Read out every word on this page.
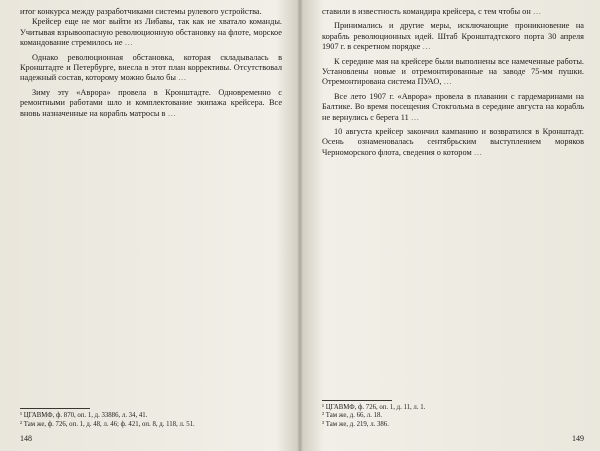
итог конкурса между разработчиками системы рулевого устройства.

Крейсер еще не мог выйти из Либавы, так как не хватало команды. Учитывая взрывоопасную революционную обстановку на флоте, морское командование стремилось не …

Однако революционная обстановка, которая складывалась в Кронштадте и Петербурге, внесла в этот план коррективы. Отсутствовал надежный состав, которому можно было бы …

Зиму эту «Аврора» провела в Кронштадте. Одновременно с ремонтными работами шло и комплектование экипажа крейсера. Все вновь назначенные на корабль матросы в …

¹ ЦГАВМФ, ф. 870, оп. 1, д. 33886, л. 34, 41.
² Там же, ф. 726, оп. 1, д. 48, л. 46; ф. 421, оп. 8, д. 118, л. 51.
148

ставили в известность командира крейсера, с тем чтобы он …

Принимались и другие меры, исключающие проникновение на корабль революционных идей. Штаб Кронштадтского порта 30 апреля 1907 г. в секретном порядке …

К середине мая на крейсере были выполнены все намеченные работы. Установлены новые и отремонтированные на заводе 75-мм пушки. Отремонтирована система ПУАО, …

Все лето 1907 г. «Аврора» провела в плавании с гардемаринами на Балтике. Во время посещения Стокгольма в середине августа на корабль не вернулись с берега 11 …

10 августа крейсер закончил кампанию и возвратился в Кронштадт. Осень ознаменовалась сентябрьским выступлением моряков Черноморского флота, сведения о котором …

¹ ЦГАВМФ, ф. 726, оп. 1, д. 11, л. 1.
² Там же, д. 66, л. 18.
³ Там же, д. 219, л. 386.
149
